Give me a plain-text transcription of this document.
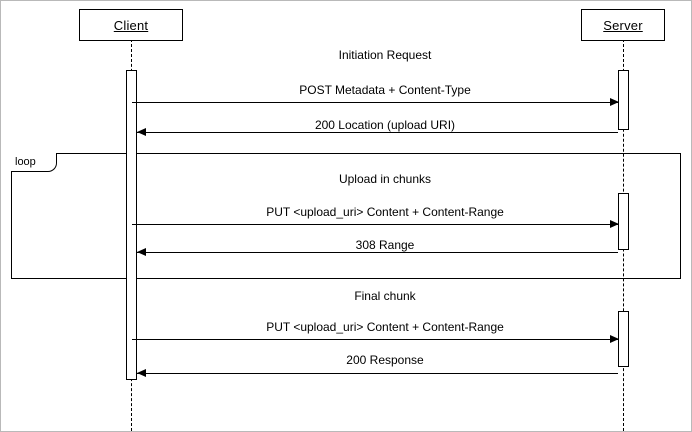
Client	Server
loop
Initiation Request
POST Metadata + Content-Type
200 Location (upload URI)
Upload in chunks
PUT <upload_uri> Content + Content-Range
308 Range
Final chunk
PUT <upload_uri> Content + Content-Range
200 Response
